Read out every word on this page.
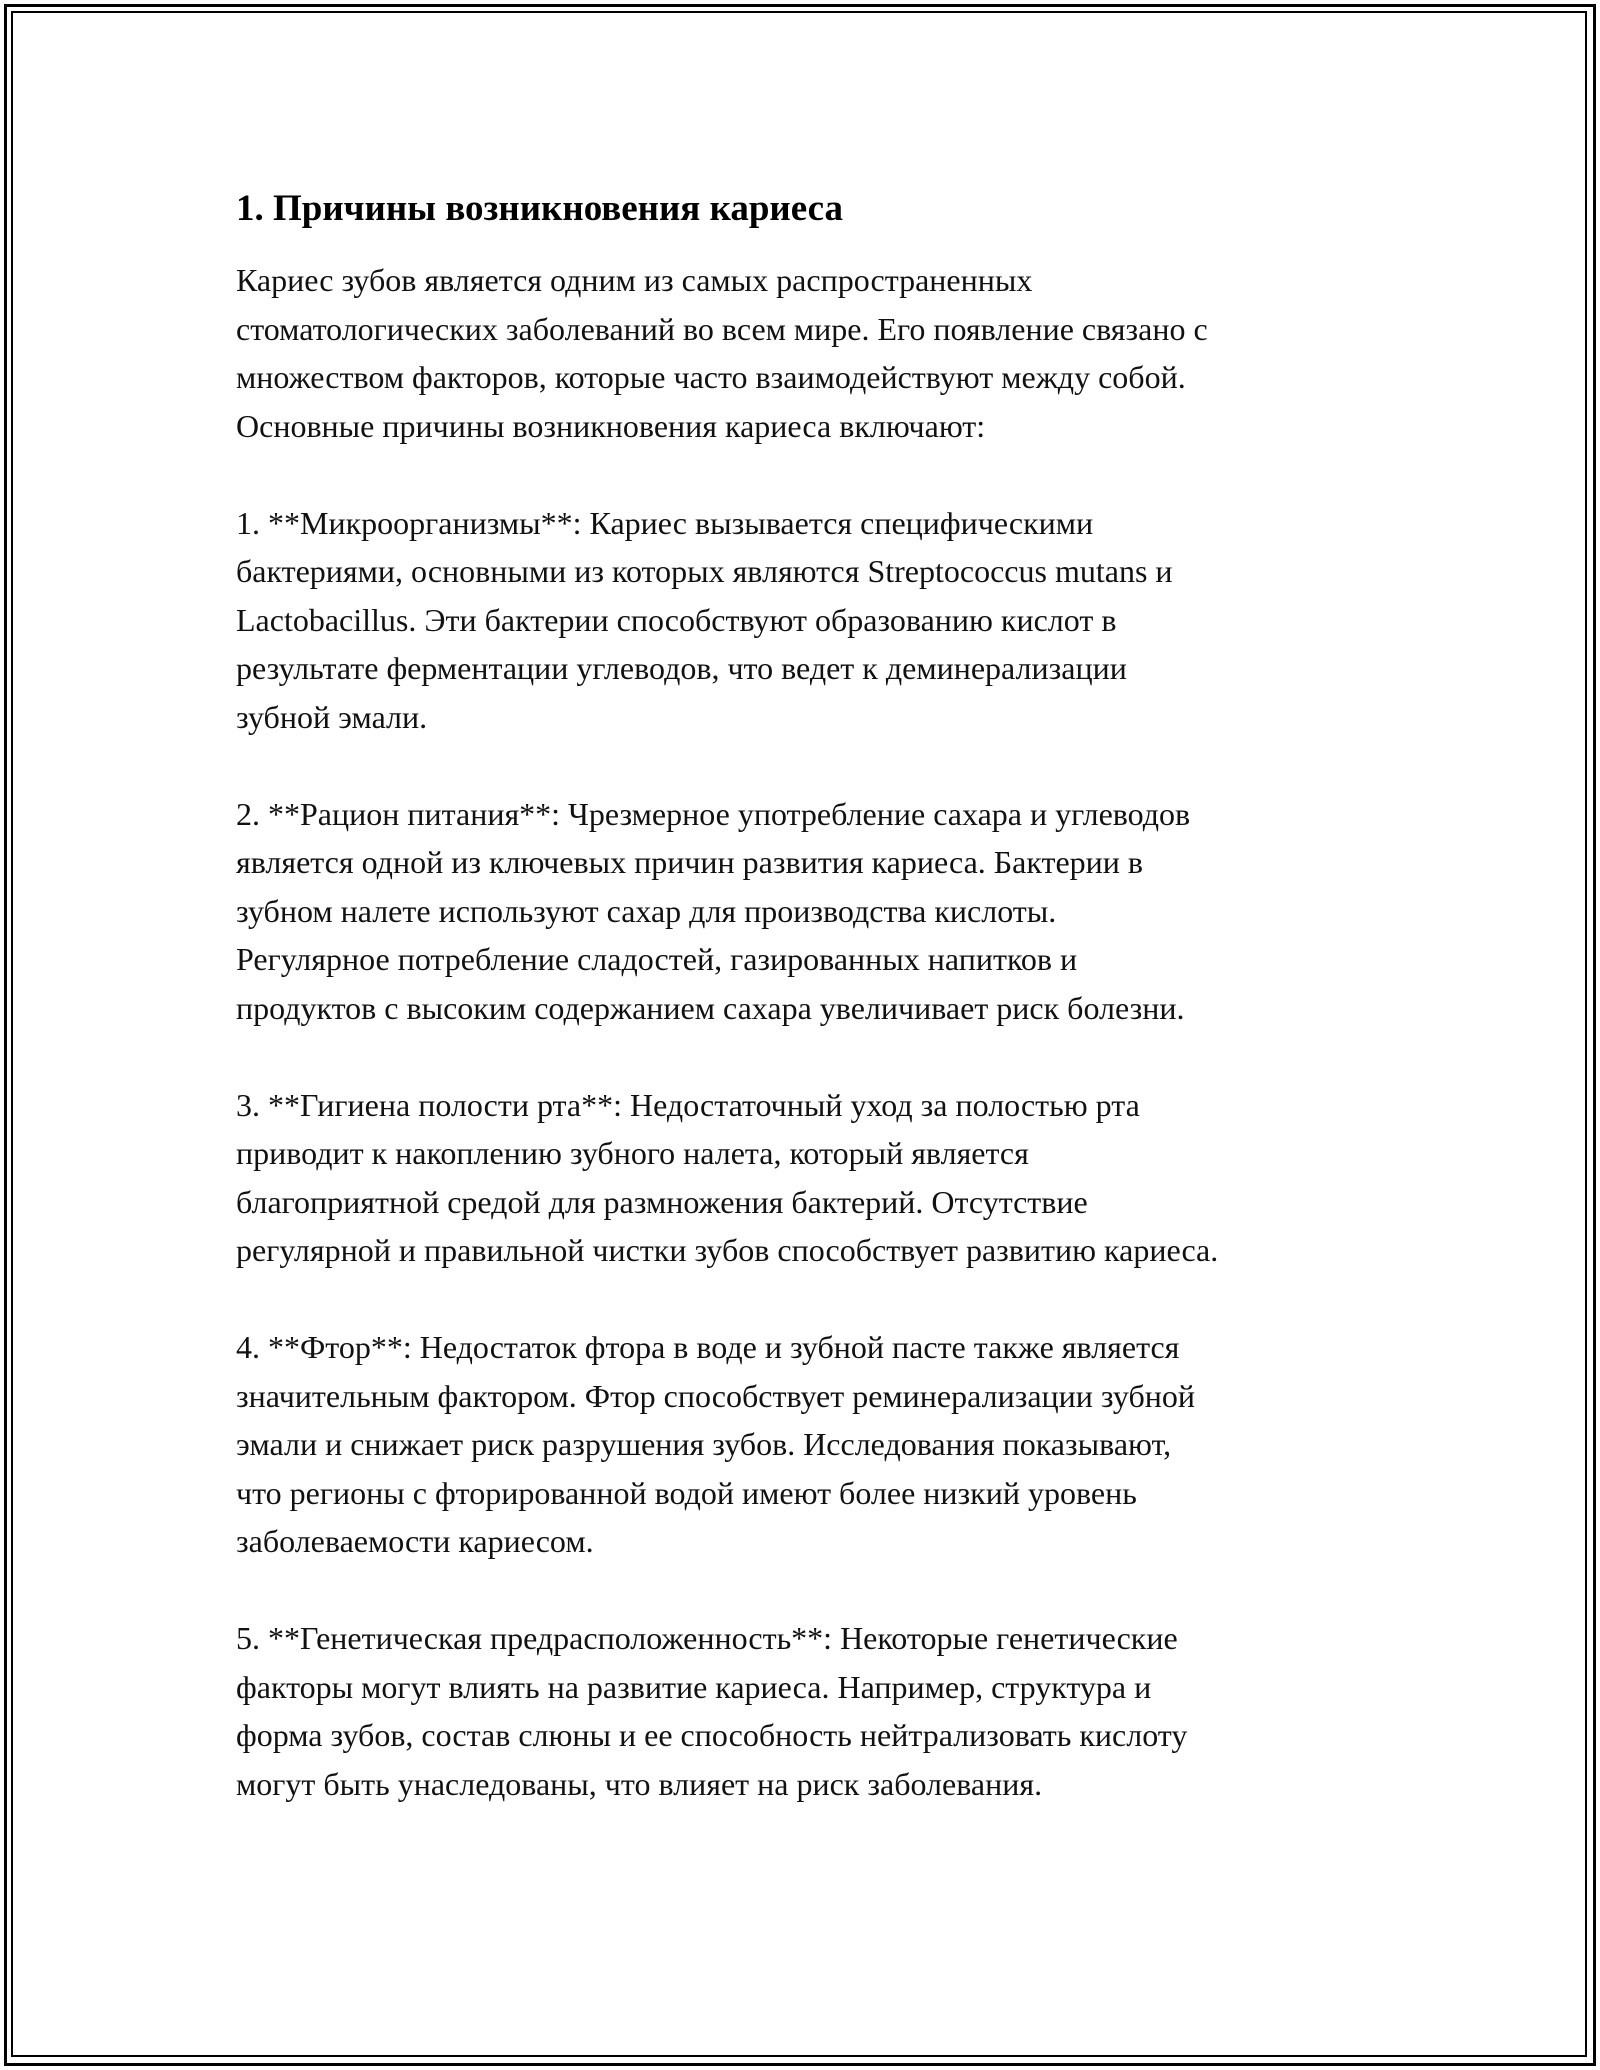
1. Причины возникновения кариеса

Кариес зубов является одним из самых распространенных
стоматологических заболеваний во всем мире. Его появление связано с
множеством факторов, которые часто взаимодействуют между собой.
Основные причины возникновения кариеса включают:

1. **Микроорганизмы**: Кариес вызывается специфическими
бактериями, основными из которых являются Streptococcus mutans и
Lactobacillus. Эти бактерии способствуют образованию кислот в
результате ферментации углеводов, что ведет к деминерализации
зубной эмали.

2. **Рацион питания**: Чрезмерное употребление сахара и углеводов
является одной из ключевых причин развития кариеса. Бактерии в
зубном налете используют сахар для производства кислоты.
Регулярное потребление сладостей, газированных напитков и
продуктов с высоким содержанием сахара увеличивает риск болезни.

3. **Гигиена полости рта**: Недостаточный уход за полостью рта
приводит к накоплению зубного налета, который является
благоприятной средой для размножения бактерий. Отсутствие
регулярной и правильной чистки зубов способствует развитию кариеса.

4. **Фтор**: Недостаток фтора в воде и зубной пасте также является
значительным фактором. Фтор способствует реминерализации зубной
эмали и снижает риск разрушения зубов. Исследования показывают,
что регионы с фторированной водой имеют более низкий уровень
заболеваемости кариесом.

5. **Генетическая предрасположенность**: Некоторые генетические
факторы могут влиять на развитие кариеса. Например, структура и
форма зубов, состав слюны и ее способность нейтрализовать кислоту
могут быть унаследованы, что влияет на риск заболевания.
